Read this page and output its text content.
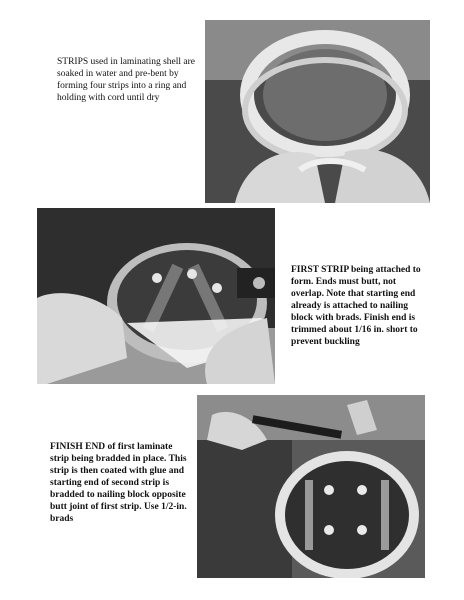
STRIPS used in laminating shell are soaked in water and pre-bent by forming four strips into a ring and holding with cord until dry
FIRST STRIP being attached to form. Ends must butt, not overlap. Note that starting end already is attached to nailing block with brads. Finish end is trimmed about 1/16 in. short to prevent buckling
FINISH END of first laminate strip being bradded in place. This strip is then coated with glue and starting end of second strip is bradded to nailing block opposite butt joint of first strip. Use 1/2-in. brads
